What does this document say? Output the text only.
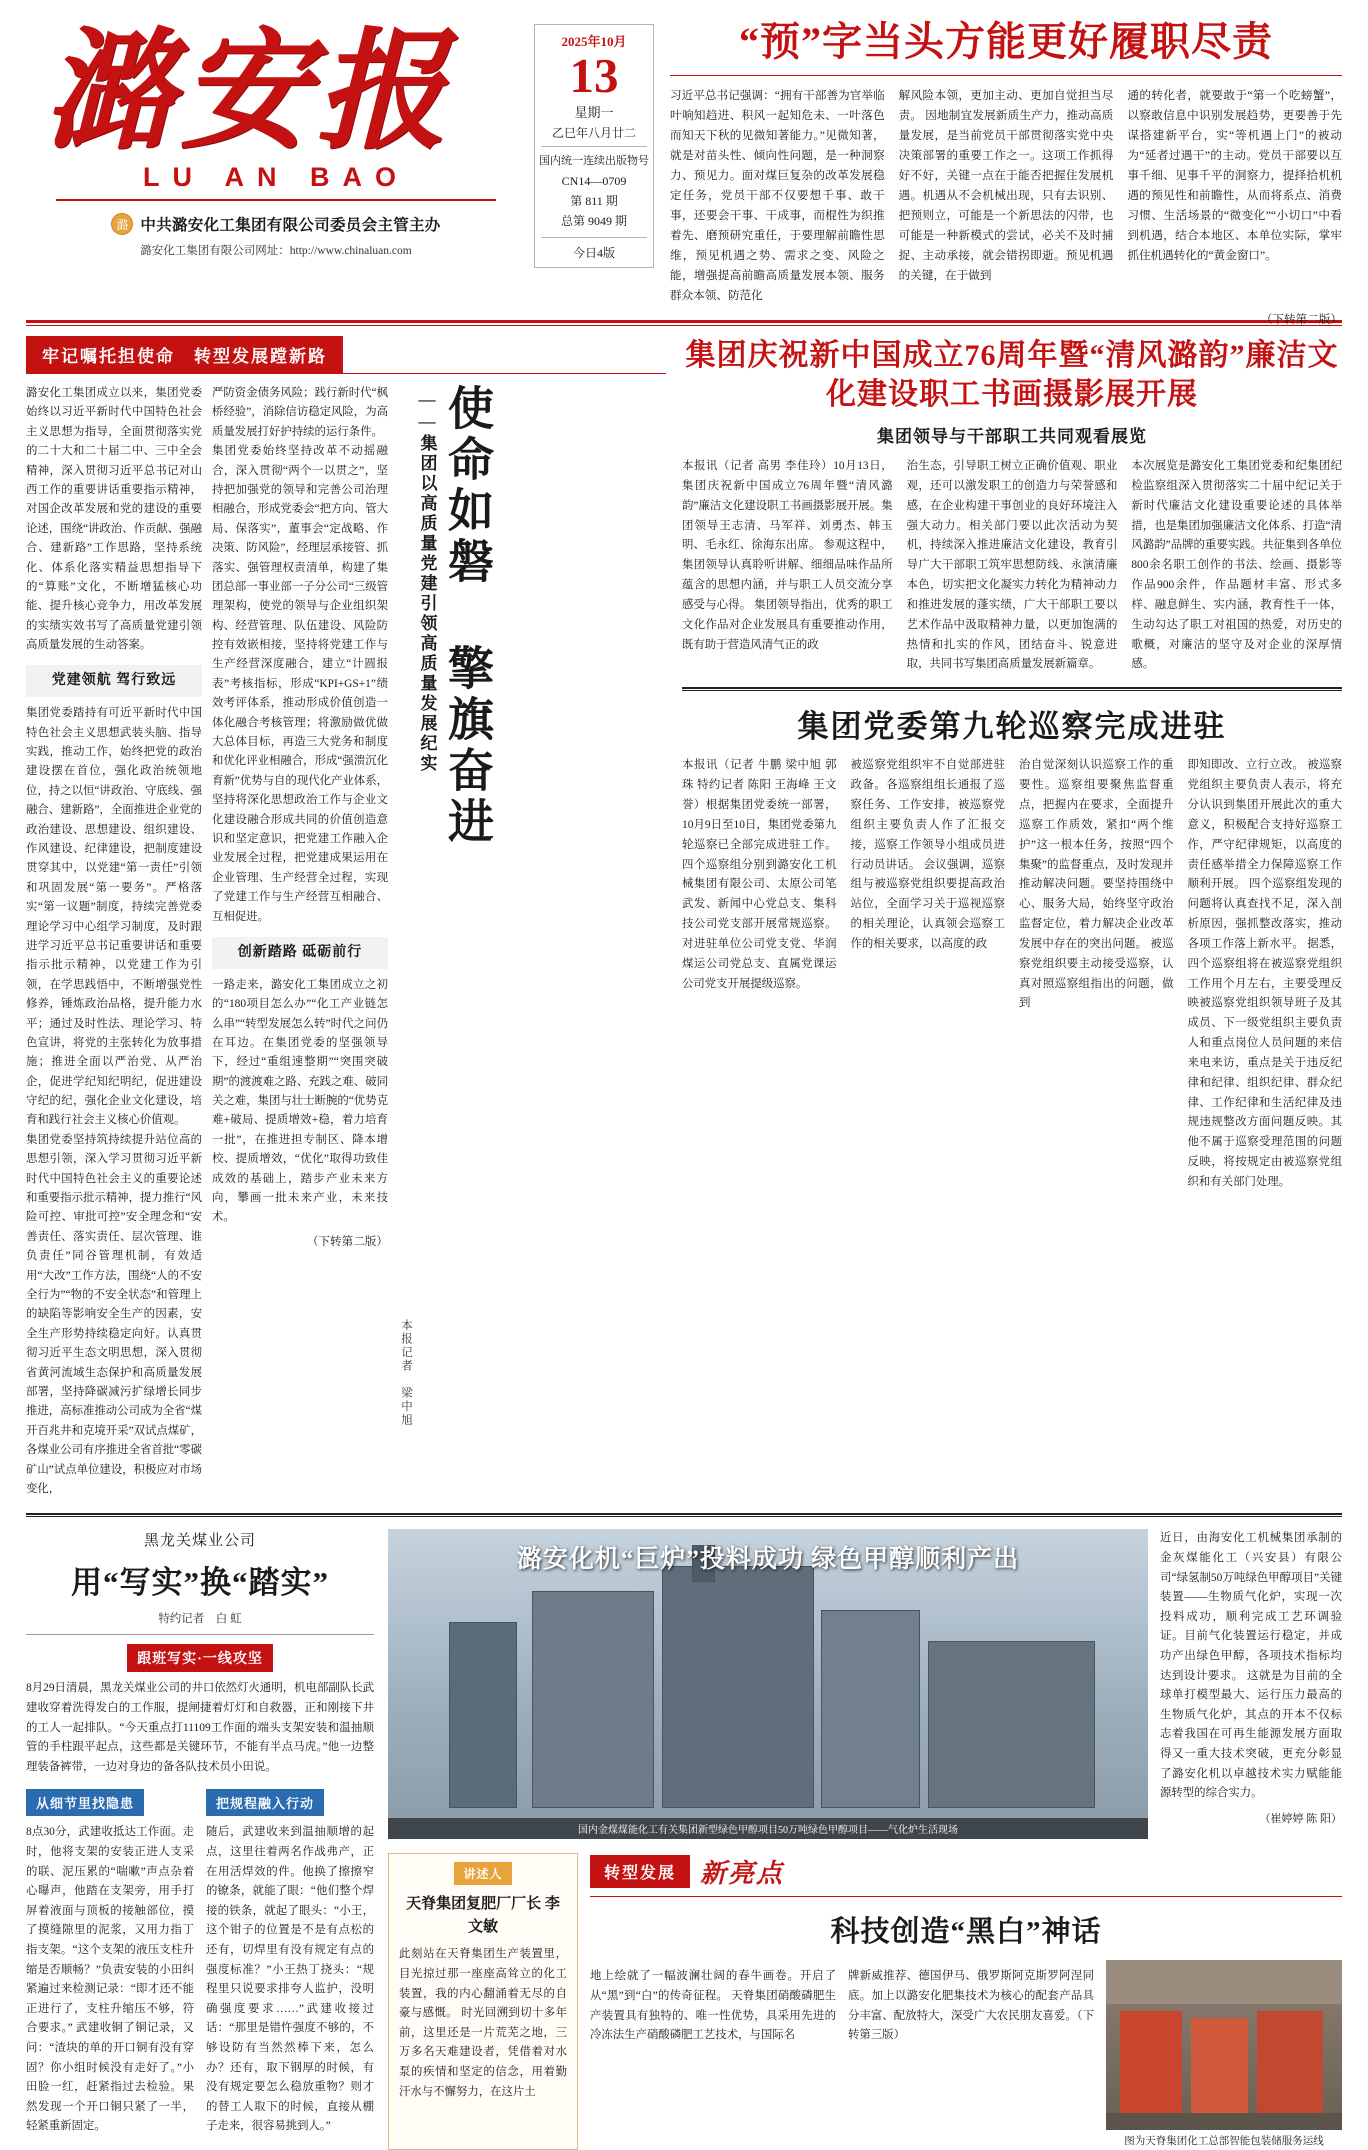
潞安报
LU AN BAO
潞 中共潞安化工集团有限公司委员会主管主办
潞安化工集团有限公司网址：http://www.chinaluan.com
2025年10月
13
星期一
乙巳年八月廿二
国内统一连续出版物号
CN14—0709
第 811 期
总第 9049 期
今日4版
“预”字当头方能更好履职尽责
习近平总书记强调：“拥有干部善为官举临叶响知趋进、积风一起知危未、一叶落色而知天下秋的见微知著能力。”见微知著，就是对苗头性、倾向性问题，是一种洞察力、预见力。面对煤巨复杂的改革发展稳定任务，党员干部不仅要想千事、敢干事，还要会干事、干成事，而棍性为织推着先、磨预研究重任，于要理解前瞻性思维，预见机遇之势、需求之变、风险之能，增强提高前瞻高质量发展本领、服务群众本领、防范化
解风险本领，更加主动、更加自觉担当尽责。 因地制宜发展新质生产力，推动高质量发展，是当前党员干部贯彻落实党中央决策部署的重要工作之一。这项工作抓得好不好，关键一点在于能否把握住发展机遇。机遇从不会机械出现，只有去识别、把预则立，可能是一个新思法的闪带，也可能是一种新模式的尝试，必关不及时捕捉、主动承接，就会错拐即逝。预见机遇的关键，在于做到
通的转化者，就要敢于“第一个吃螃蟹”，以察敢信息中识别发展趋势，更要善于先谋搭建新平台，实“等机遇上门”的被动为“延者过遇干”的主动。党员干部要以互事千细、见事千平的洞察力，提择拾机机遇的预见性和前瞻性，从而将系点、消费习惯、生活场景的“微变化”“小切口”中看到机遇，结合本地区、本单位实际，掌牢抓住机遇转化的“黄金窗口”。
（下转第二版）
牢记嘱托担使命　转型发展蹚新路
潞安化工集团成立以来，集团党委始终以习近平新时代中国特色社会主义思想为指导，全面贯彻落实党的二十大和二十届二中、三中全会精神，深入贯彻习近平总书记对山西工作的重要讲话重要指示精神，对国企改革发展和党的建设的重要论述，围绕“讲政治、作贡献、强融合、建新路”工作思路，坚持系统化、体系化落实精益思想指导下的“算账”文化，不断增猛核心功能、提升核心竞争力，用改革发展的实绩实效书写了高质量党建引领高质量发展的生动答案。
党建领航 驾行致远
集团党委踏持有可近平新时代中国特色社会主义思想武装头脑、指导实践，推动工作，始终把党的政治建设摆在首位，强化政治统领地位，持之以恒“讲政治、守底线、强融合、建新路”，全面推进企业党的政治建设、思想建设、组织建设、作风建设、纪律建设，把制度建设贯穿其中，以党建“第一责任”引领和巩固发展“第一要务”。严格落实“第一议题”制度，持续完善党委理论学习中心组学习制度，及时跟进学习近平总书记重要讲话和重要指示批示精神，以党建工作为引领，在学思践悟中，不断增强党性修养，锤炼政治品格，提升能力水平；通过及时性法、理论学习、特色宣讲，将党的主张转化为放事措施；推进全面以严治党、从严治企，促进学纪知纪明纪，促进建设守纪的纪，强化企业文化建设，培育和践行社会主义核心价值观。
集团党委坚持筑持续提升站位高的思想引领，深入学习贯彻习近平新时代中国特色社会主义的重要论述和重要指示批示精神，提力推行“风险可控、审批可控”安全理念和“安善责任、落实责任、层次管理、谁负责任”同谷管理机制，有效适用“大改”工作方法，围绕“人的不安全行为”“物的不安全状态”和管理上的缺陷等影响安全生产的因素，安全生产形势持续稳定向好。认真贯彻习近平生态文明思想，深入贯彻省黄河流域生态保护和高质量发展部署，坚持降碳减污扩绿增长同步推进，高标准推动公司成为全省“煤开百兆井和克境开采”双试点煤矿，各煤业公司有序推进全省首批“零碳矿山”试点单位建设，积极应对市场变化，
严防资金债务风险；践行新时代“枫桥经验”，消除信访稳定风险，为高质量发展打好护持续的运行条件。
集团党委始终坚持改革不动摇融合，深入贯彻“两个一以贯之”，坚持把加强党的领导和完善公司治理相融合，形成党委会“把方向、管大局、保落实”，董事会“定战略、作决策、防风险”，经理层承接管、抓落实、强管理权责清单，构建了集团总部一事业部一子分公司“三级管理架构，使党的领导与企业组织架构、经营管理、队伍建设、风险防控有效嵌相接，坚持将党建工作与生产经营深度融合，建立“计圆报表”考核指标，形成“KPI+GS+1”绩效考评体系，推动形成价值创造一体化融合考核管理；将激励做优做大总体目标，再造三大党务和制度和优化评业相融合，形成“强溃沉化育新”优势与自的现代化产业体系，坚持将深化思想政治工作与企业文化建设融合形成共同的价值创造意识和坚定意识，把党建工作融入企业发展全过程，把党建成果运用在企业管理、生产经营全过程，实现了党建工作与生产经营互相融合、互相促进。
创新踏路 砥砺前行
一路走来，潞安化工集团成立之初的“180项目怎么办”“化工产业链怎么串”“转型发展怎么转”时代之问仍在耳边。在集团党委的坚强领导下，经过“重组速整期”“突围突破期”的渡渡难之路、充践之难、破同关之难，集团与壮士断腕的“优势克难+破局、提质增效+稳，着力培育一批”，在推进担专制区、降本增校、提质增效，“优化”取得功致佳成效的基础上，踏步产业未来方向，攀画一批未来产业，未来技术。
（下转第二版）
本报记者　梁中旭
——集团以高质量党建引领高质量发展纪实 使命如磐 擎旗奋进
集团庆祝新中国成立76周年暨“清风潞韵”廉洁文化建设职工书画摄影展开展
集团领导与干部职工共同观看展览
本报讯（记者 高男 李佳玲）10月13日，集团庆祝新中国成立76周年暨“清风潞韵”廉洁文化建设职工书画摄影展开展。集团领导王志清、马军祥、刘勇杰、韩玉明、毛永红、徐海东出席。 参观这程中，集团领导认真聆听讲解、细细品味作品所蕴含的思想内涵，并与职工人员交流分享感受与心得。 集团领导指出，优秀的职工文化作品对企业发展具有重要推动作用，既有助于营造风清气正的政
治生态，引导职工树立正确价值观、职业观，还可以激发职工的创造力与荣誉感和感，在企业构建干事创业的良好环境注入强大动力。相关部门要以此次活动为契机，持续深入推进廉洁文化建设，教育引导广大干部职工筑牢思想防线、永演清廉本色，切实把文化凝实力转化为精神动力和推进发展的蓬实绩，广大干部职工要以艺术作品中汲取精神力量，以更加饱满的热情和扎实的作风，团结奋斗、锐意进取，共同书写集团高质量发展新篇章。
本次展览是潞安化工集团党委和纪集团纪检监察组深入贯彻落实二十届中纪记关于新时代廉洁文化建设重要论述的具体举措，也是集团加强廉洁文化体系、打造“清风潞韵”品牌的重要实践。共征集到各单位800余名职工创作的书法、绘画、摄影等作品900余件，作品题材丰富、形式多样、融息鲜生、实内涵，教育性千一体，生动勾达了职工对祖国的热爱，对历史的歌概，对廉洁的坚守及对企业的深厚情感。
集团党委第九轮巡察完成进驻
本报讯（记者 牛鹏 梁中旭 郭珠 特约记者 陈阳 王海峰 王文誉）根据集团党委统一部署，10月9日至10日，集团党委第九轮巡察已全部完成进驻工作。四个巡察组分别到潞安化工机械集团有限公司、太原公司笔武发、新闻中心党总支、集科技公司党支部开展常规巡察。对进驻单位公司党支党、华润煤运公司党总支、直属党课运公司党支开展提级巡察。
被巡察党组织牢不自觉部进驻政备。各巡察组组长通报了巡察任务、工作安排，被巡察党组织主要负责人作了汇报交接，巡察工作领导小组成员进行动员讲话。 会议强调，巡察组与被巡察党组织要提高政治站位，全面学习关于巡视巡察的相关理论，认真领会巡察工作的相关要求，以高度的政
治自觉深刻认识巡察工作的重要性。巡察组要聚焦监督重点，把握内在要求，全面提升巡察工作质效，紧扣“两个维护”这一根本任务，按照“四个集聚”的监督重点，及时发现并推动解决问题。要坚持围绕中心、服务大局，始终坚守政治监督定位，着力解决企业改革发展中存在的突出问题。 被巡察党组织要主动接受巡察，认真对照巡察组指出的问题，做到
即知即改、立行立改。 被巡察党组织主要负责人表示，将充分认识到集团开展此次的重大意义，积极配合支持好巡察工作，严守纪律规矩，以高度的责任感举措全力保障巡察工作顺利开展。 四个巡察组发现的问题将认真查找不足，深入剖析原因，强抓整改落实，推动各项工作落上新水平。 据悉，四个巡察组将在被巡察党组织工作用个月左右，主要受理反映被巡察党组织领导班子及其成员、下一级党组织主要负责人和重点岗位人员问题的来信来电来访，重点是关于违反纪律和纪律、组织纪律、群众纪律、工作纪律和生活纪律及违规违规整改方面问题反映。其他不属于巡察受理范围的问题反映，将按规定由被巡察党组织和有关部门处理。
黑龙关煤业公司
用“写实”换“踏实”
特约记者　白 虹
跟班写实·一线攻坚
8月29日清晨，黑龙关煤业公司的井口依然灯火通明，机电部副队长武建收穿着洗得发白的工作服，提闸捷着灯灯和自救器，正和刚接下井的工人一起排队。“今天重点打11109工作面的端头支架安装和温抽顺管的手柱跟平起点，这些都是关键环节，不能有半点马虎。”他一边整理装备裤带，一边对身边的备各队技术员小田说。
从细节里找隐患
8点30分，武建收抵达工作面。走时，他将支架的安装正进人支采的联、泥压累的“喘嗽”声点杂着心曝声，他踏在支架旁，用手打屏着液面与顶板的接触部位，摸了摸缝隙里的泥浆，又用力指丁指支架。“这个支架的液压支柱升缩是否顺畅？”负责安装的小田纠紧遍过来检测记录：“即才还不能正进行了，支柱升缩压不够，符合要求。” 武建收铜了铜记录，又问：“渣块的单的开口铜有没有穿固？你小组时候没有走好了。”小田脸一红，赶紧指过去检验。果然发现一个开口铜只紧了一半，轻紧重新固定。
把规程融入行动
随后，武建收来到温抽顺增的起点，这里往着两名作战弗产，正在用活焊效的件。他换了擦擦窄的镣条，就能了眼：“他们整个焊接的铁条，就起了眼头：“小王，这个钳子的位置是不是有点松的还有，切焊里有没有规定有点的强度标准？”小王热丁挠头：“规程里只说要求排夸人监护，没明确强度要求……”武建收接过话：“那里是错忤强度不够的，不够设防有当然然棒下来，怎么办？还有，取下钢厚的时候，有没有规定要怎么稳放重物？则才的替工人取下的时候，直接从棚子走来，很容易挑到人。”
潞安化机“巨炉”投料成功 绿色甲醇顺利产出
国内金煤煤能化工有关集团新型绿色甲醇项目50万吨绿色甲醇项目——气化炉生活现场
近日，由海安化工机械集团承制的金灰煤能化工（兴安县）有限公司“绿氢制50万吨绿色甲醇项目”关键装置——生物质气化炉，实现一次投料成功，顺利完成工艺环调验证。目前气化装置运行稳定，并成功产出绿色甲醇，各项技术指标均达到设计要求。 这就是为目前的全球单打模型最大、运行压力最高的生物质气化炉，其点的开本不仅标志着我国在可再生能源发展方面取得又一重大技术突破，更充分彰显了潞安化机以卓越技术实力赋能能源转型的综合实力。
（崔婷婷 陈 阳）
讲述人
天脊集团复肥厂厂长 李文敏
此刻站在天脊集团生产装置里，目光掠过那一座座高耸立的化工装置，我的内心翻涌着无尽的自豪与感慨。 时光回溯到切十多年前，这里还是一片荒芜之地，三万多名天难建设者，凭借着对水泵的疾情和坚定的信念，用着勤汗水与不懈努力，在这片土
转型发展 新亮点
科技创造“黑白”神话
地上绘就了一幅波澜壮阔的春牛画卷。开启了从“黑”到“白”的传奇征程。 天脊集团硝酸磷肥生产装置具有独特的、唯一性优势，具采用先进的冷冻法生产硝酸磷肥工艺技术，与国际名
牌新威推荐、德国伊马、俄罗斯阿克斯罗阿涅同底。加上以潞安化肥集技术为核心的配套产品具分丰富、配放特大，深受广大农民朋友喜爱。（下转第三版）
图为天脊集团化工总部智能包装储服务运线
